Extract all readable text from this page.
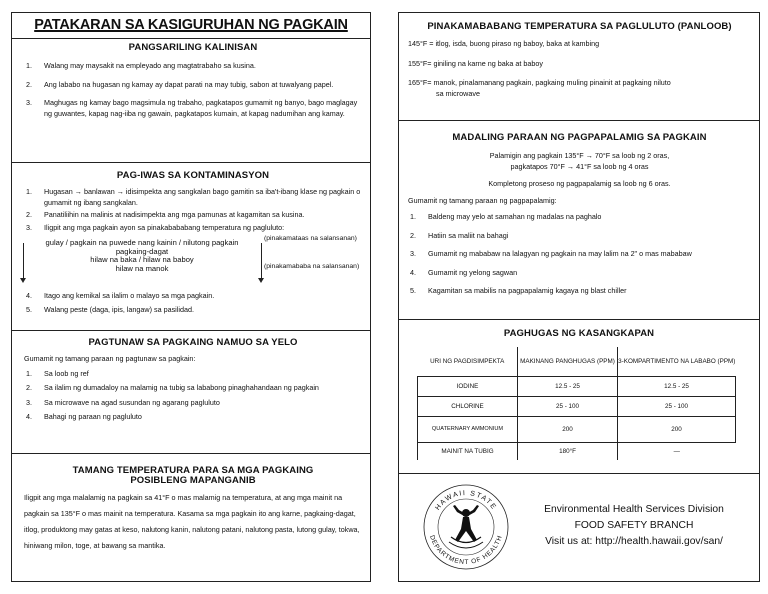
PATAKARAN SA KASIGURUHAN NG PAGKAIN
PANGSARILING KALINISAN
1. Walang may maysakit na empleyado ang magtatrabaho sa kusina.
2. Ang lababo na hugasan ng kamay ay dapat parati na may tubig, sabon at tuwalyang papel.
3. Maghugas ng kamay bago magsimula ng trabaho, pagkatapos gumamit ng banyo, bago maglagay ng guwantes, kapag nag-iiba ng gawain, pagkatapos kumain, at kapag nadumihan ang kamay.
PAG-IWAS SA KONTAMINASYON
1. Hugasan → banlawan → idisimpekta ang sangkalan bago gamitin sa iba't-ibang klase ng pagkain o gumamit ng ibang sangkalan.
2. Panatiliihin na malinis at nadisimpekta ang mga pamunas at kagamitan sa kusina.
3. Iligpit ang mga pagkain ayon sa pinakabababang temperatura ng pagluluto:
gulay / pagkain na puwede nang kainin / nilutong pagkain
pagkaing-dagat
hilaw na baka / hilaw na baboy
hilaw na manok
(pinakamataas na salansanan)
(pinakamababa na salansanan)
4. Itago ang kemikal sa ilalim o malayo sa mga pagkain.
5. Walang peste (daga, ipis, langaw) sa pasilidad.
PAGTUNAW SA PAGKAING NAMUO SA YELO
Gumamit ng tamang paraan ng pagtunaw sa pagkain:
1. Sa loob ng ref
2. Sa ilalim ng dumadaloy na malamig na tubig sa lababong pinaghahandaan ng pagkain
3. Sa microwave na agad susundan ng agarang pagluluto
4. Bahagi ng paraan ng pagluluto
TAMANG TEMPERATURA PARA SA MGA PAGKAING
POSIBLENG MAPANGANIB
Iligpit ang mga malalamig na pagkain sa 41°F o mas malamig na temperatura, at ang mga mainit na pagkain sa 135°F o mas mainit na temperatura. Kasama sa mga pagkain ito ang karne, pagkaing-dagat, itlog, produktong may gatas at keso, nalutong kanin, nalutong patani, nalutong pasta, lutong gulay, tokwa, hiniwang milon, toge, at bawang sa mantika.
PINAKAMABABANG TEMPERATURA SA PAGLULUTO (PANLOOB)
145°F = itlog, isda, buong piraso ng baboy, baka at kambing
155°F= giniling na karne ng baka at baboy
165°F= manok, pinalamanang pagkain, pagkaing muling pinainit at pagkaing niluto
sa microwave
MADALING PARAAN NG PAGPAPALAMIG SA PAGKAIN
Palamigin ang pagkain 135°F → 70°F sa loob ng 2 oras,
pagkatapos 70°F → 41°F sa loob ng 4 oras
Kompletong proseso ng pagpapalamig sa loob ng 6 oras.
Gumamit ng tamang paraan ng pagpapalamig:
1. Baldeng may yelo at samahan ng madalas na paghalo
2. Hatiin sa maliit na bahagi
3. Gumamit ng mababaw na lalagyan ng pagkain na may lalim na 2" o mas mababaw
4. Gumamit ng yelong sagwan
5. Kagamitan sa mabilis na pagpapalamig kagaya ng blast chiller
PAGHUGAS NG KASANGKAPAN
URI NG PAGDISIMPEKTA	MAKINANG PANGHUGAS (PPM)	3-KOMPARTIMENTO NA LABABO (PPM)
IODINE	12.5 - 25	12.5 - 25
CHLORINE	25 - 100	25 - 100
QUATERNARY AMMONIUM	200	200
MAINIT NA TUBIG	180°F	—
HAWAII STATE
DEPARTMENT OF HEALTH
Environmental Health Services Division
FOOD SAFETY BRANCH
Visit us at: http://health.hawaii.gov/san/
